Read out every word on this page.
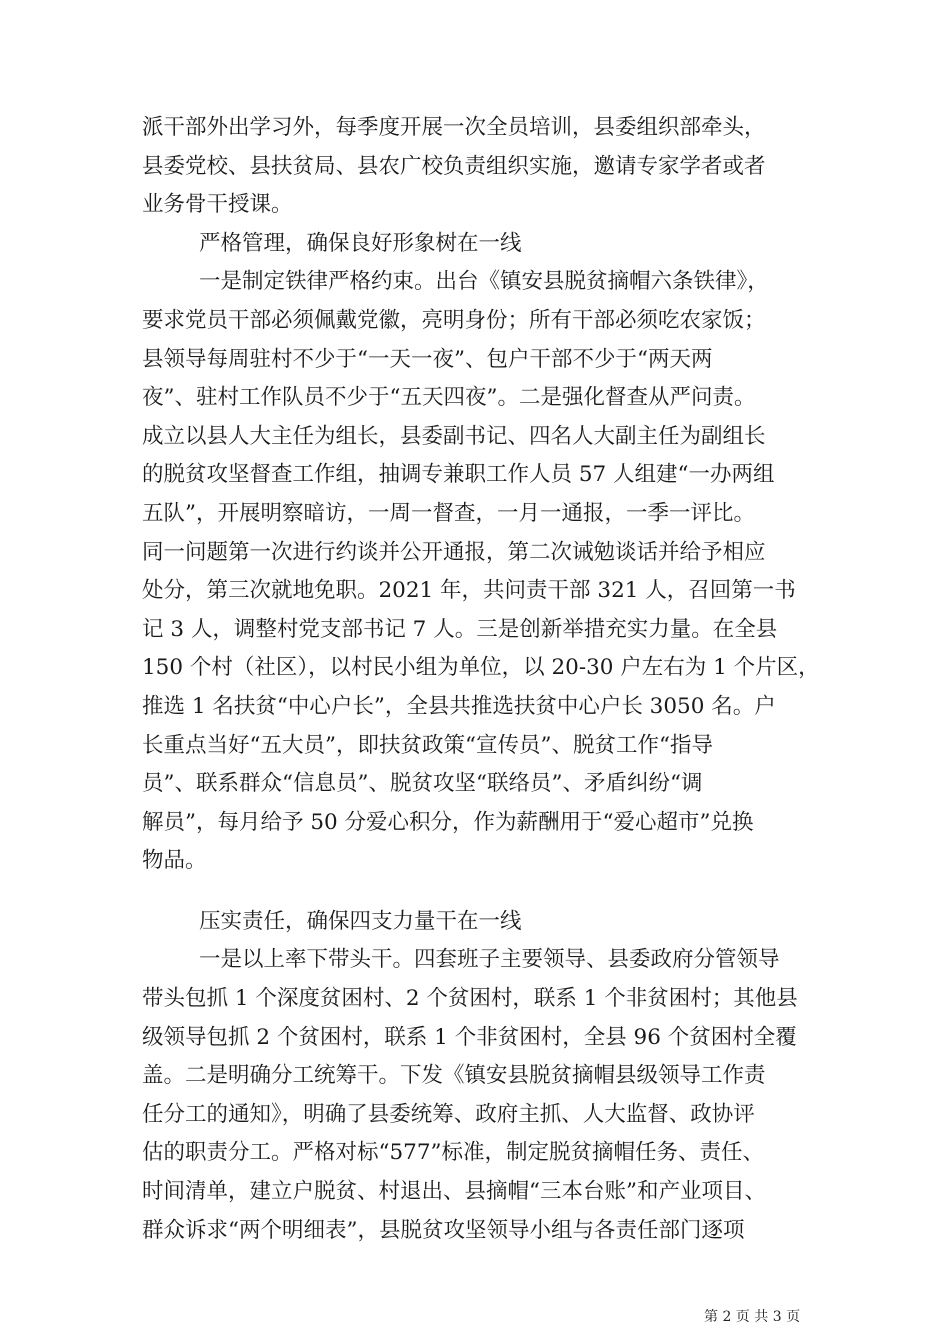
派干部外出学习外，每季度开展一次全员培训，县委组织部牵头，
县委党校、县扶贫局、县农广校负责组织实施，邀请专家学者或者
业务骨干授课。
严格管理，确保良好形象树在一线
一是制定铁律严格约束。出台《镇安县脱贫摘帽六条铁律》，
要求党员干部必须佩戴党徽，亮明身份；所有干部必须吃农家饭；
县领导每周驻村不少于“一天一夜”、包户干部不少于“两天两
夜”、驻村工作队员不少于“五天四夜”。二是强化督查从严问责。
成立以县人大主任为组长，县委副书记、四名人大副主任为副组长
的脱贫攻坚督查工作组，抽调专兼职工作人员 57 人组建“一办两组
五队”，开展明察暗访，一周一督查，一月一通报，一季一评比。
同一问题第一次进行约谈并公开通报，第二次诫勉谈话并给予相应
处分，第三次就地免职。2021 年，共问责干部 321 人，召回第一书
记 3 人，调整村党支部书记 7 人。三是创新举措充实力量。在全县
150 个村（社区），以村民小组为单位，以 20-30 户左右为 1 个片区，
推选 1 名扶贫“中心户长”，全县共推选扶贫中心户长 3050 名。户
长重点当好“五大员”，即扶贫政策“宣传员”、脱贫工作“指导
员”、联系群众“信息员”、脱贫攻坚“联络员”、矛盾纠纷“调
解员”，每月给予 50 分爱心积分，作为薪酬用于“爱心超市”兑换
物品。
压实责任，确保四支力量干在一线
一是以上率下带头干。四套班子主要领导、县委政府分管领导
带头包抓 1 个深度贫困村、2 个贫困村，联系 1 个非贫困村；其他县
级领导包抓 2 个贫困村，联系 1 个非贫困村，全县 96 个贫困村全覆
盖。二是明确分工统筹干。下发《镇安县脱贫摘帽县级领导工作责
任分工的通知》，明确了县委统筹、政府主抓、人大监督、政协评
估的职责分工。严格对标“577”标准，制定脱贫摘帽任务、责任、
时间清单，建立户脱贫、村退出、县摘帽“三本台账”和产业项目、
群众诉求“两个明细表”，县脱贫攻坚领导小组与各责任部门逐项
第 2 页 共 3 页
